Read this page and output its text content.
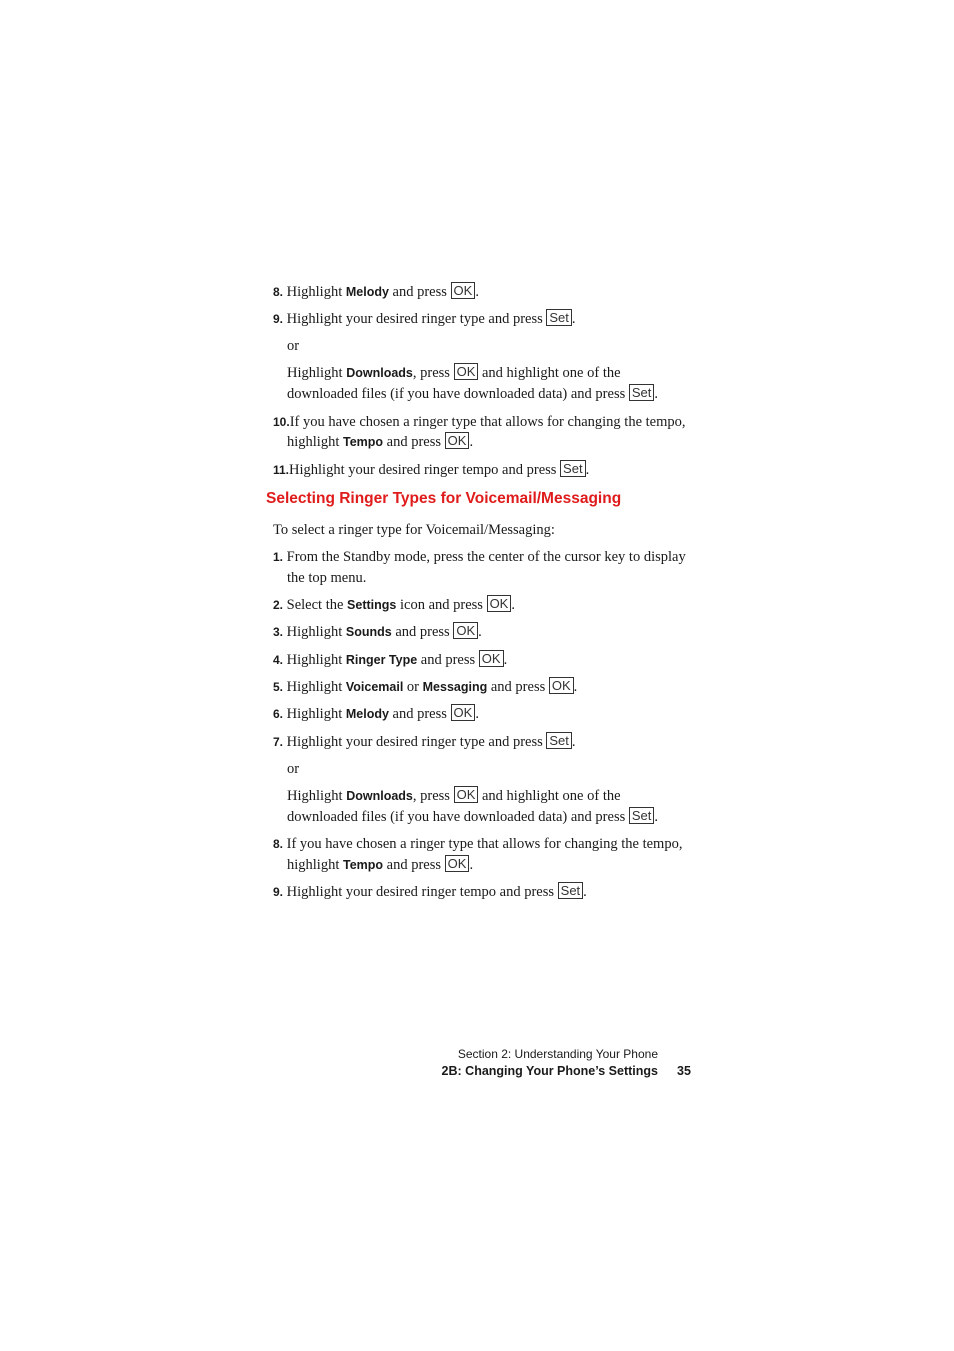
8. Highlight Melody and press OK .
9. Highlight your desired ringer type and press Set .
or
Highlight Downloads, press OK and highlight one of the
downloaded files (if you have downloaded data) and press Set .
10.If you have chosen a ringer type that allows for changing the tempo,
highlight Tempo and press OK .
11.Highlight your desired ringer tempo and press Set .
Selecting Ringer Types for Voicemail/Messaging
To select a ringer type for Voicemail/Messaging:
1. From the Standby mode, press the center of the cursor key to display
the top menu.
2. Select the Settings icon and press OK .
3. Highlight Sounds and press OK .
4. Highlight Ringer Type and press OK .
5. Highlight Voicemail or Messaging and press OK .
6. Highlight Melody and press OK .
7. Highlight your desired ringer type and press Set .
or
Highlight Downloads, press OK and highlight one of the
downloaded files (if you have downloaded data) and press Set .
8. If you have chosen a ringer type that allows for changing the tempo,
highlight Tempo and press OK .
9. Highlight your desired ringer tempo and press Set .
Section 2: Understanding Your Phone
2B: Changing Your Phone’s Settings 35
